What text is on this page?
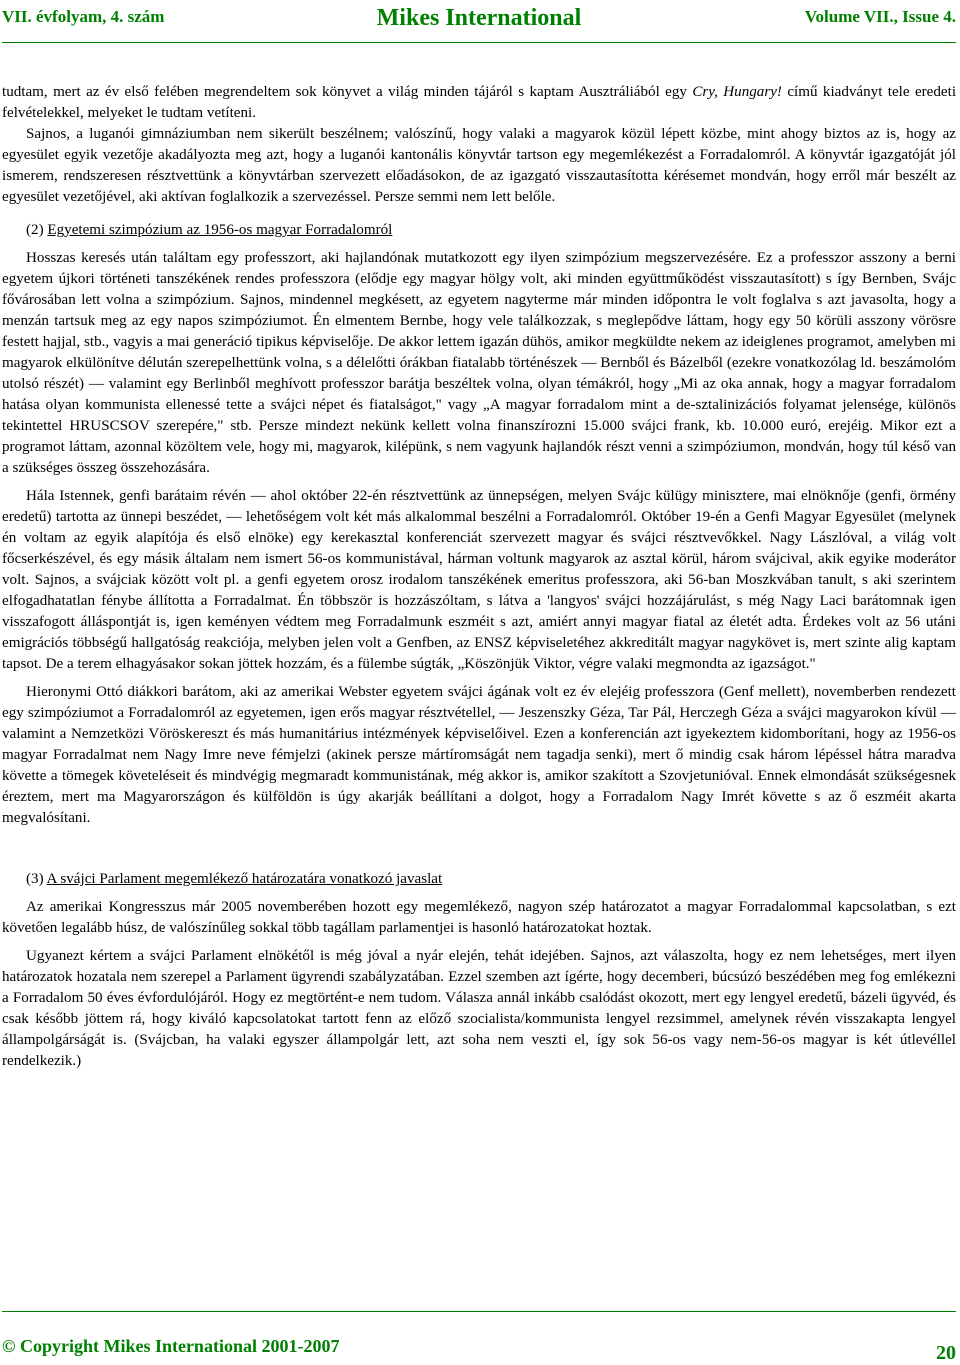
VII. évfolyam, 4. szám	Mikes International	Volume VII., Issue 4.

tudtam, mert az év első felében megrendeltem sok könyvet a világ minden tájáról s kaptam Ausztráliából egy Cry, Hungary! című kiadványt tele eredeti felvételekkel, melyeket le tudtam vetíteni.

Sajnos, a luganói gimnáziumban nem sikerült beszélnem; valószínű, hogy valaki a magyarok közül lépett közbe, mint ahogy biztos az is, hogy az egyesület egyik vezetője akadályozta meg azt, hogy a luganói kantonális könyvtár tartson egy megemlékezést a Forradalomról. A könyvtár igazgatóját jól ismerem, rendszeresen résztvettünk a könyvtárban szervezett előadásokon, de az igazgató visszautasította kérésemet mondván, hogy erről már beszélt az egyesület vezetőjével, aki aktívan foglalkozik a szervezéssel. Persze semmi nem lett belőle.

(2) Egyetemi szimpózium az 1956-os magyar Forradalomról

Hosszas keresés után találtam egy professzort, aki hajlandónak mutatkozott egy ilyen szimpózium megszervezésére. Ez a professzor asszony a berni egyetem újkori történeti tanszékének rendes professzora (elődje egy magyar hölgy volt, aki minden együttműködést visszautasított) s így Bernben, Svájc fővárosában lett volna a szimpózium. Sajnos, mindennel megkésett, az egyetem nagyterme már minden időpontra le volt foglalva s azt javasolta, hogy a menzán tartsuk meg az egy napos szimpóziumot. Én elmentem Bernbe, hogy vele találkozzak, s meglepődve láttam, hogy egy 50 körüli asszony vörösre festett hajjal, stb., vagyis a mai generáció tipikus képviselője. De akkor lettem igazán dühös, amikor megküldte nekem az ideiglenes programot, amelyben mi magyarok elkülönítve délután szerepelhettünk volna, s a délelőtti órákban fiatalabb történészek — Bernből és Bázelből (ezekre vonatkozólag ld. beszámolóm utolsó részét) — valamint egy Berlinből meghívott professzor barátja beszéltek volna, olyan témákról, hogy „Mi az oka annak, hogy a magyar forradalom hatása olyan kommunista ellenessé tette a svájci népet és fiatalságot," vagy „A magyar forradalom mint a de-sztalinizációs folyamat jelensége, különös tekintettel HRUSCSOV szerepére," stb. Persze mindezt nekünk kellett volna finanszírozni 15.000 svájci frank, kb. 10.000 euró, erejéig. Mikor ezt a programot láttam, azonnal közöltem vele, hogy mi, magyarok, kilépünk, s nem vagyunk hajlandók részt venni a szimpóziumon, mondván, hogy túl késő van a szükséges összeg összehozására.

Hála Istennek, genfi barátaim révén — ahol október 22-én résztvettünk az ünnepségen, melyen Svájc külügy minisztere, mai elnöknője (genfi, örmény eredetű) tartotta az ünnepi beszédet, — lehetőségem volt két más alkalommal beszélni a Forradalomról. Október 19-én a Genfi Magyar Egyesület (melynek én voltam az egyik alapítója és első elnöke) egy kerekasztal konferenciát szervezett magyar és svájci résztvevőkkel. Nagy Lászlóval, a világ volt főcserkészével, és egy másik általam nem ismert 56-os kommunistával, hárman voltunk magyarok az asztal körül, három svájcival, akik egyike moderátor volt. Sajnos, a svájciak között volt pl. a genfi egyetem orosz irodalom tanszékének emeritus professzora, aki 56-ban Moszkvában tanult, s aki szerintem elfogadhatatlan fénybe állította a Forradalmat. Én többször is hozzászóltam, s látva a 'langyos' svájci hozzájárulást, s még Nagy Laci barátomnak igen visszafogott álláspontját is, igen keményen védtem meg Forradalmunk eszméit s azt, amiért annyi magyar fiatal az életét adta. Érdekes volt az 56 utáni emigrációs többségű hallgatóság reakciója, melyben jelen volt a Genfben, az ENSZ képviseletéhez akkreditált magyar nagykövet is, mert szinte alig kaptam tapsot. De a terem elhagyásakor sokan jöttek hozzám, és a fülembe súgták, „Köszönjük Viktor, végre valaki megmondta az igazságot."

Hieronymi Ottó diákkori barátom, aki az amerikai Webster egyetem svájci ágának volt ez év elejéig professzora (Genf mellett), novemberben rendezett egy szimpóziumot a Forradalomról az egyetemen, igen erős magyar résztvétellel, — Jeszenszky Géza, Tar Pál, Herczegh Géza a svájci magyarokon kívül — valamint a Nemzetközi Vöröskereszt és más humanitárius intézmények képviselőivel. Ezen a konferencián azt igyekeztem kidomborítani, hogy az 1956-os magyar Forradalmat nem Nagy Imre neve fémjelzi (akinek persze mártíromságát nem tagadja senki), mert ő mindig csak három lépéssel hátra maradva követte a tömegek követeléseit és mindvégig megmaradt kommunistának, még akkor is, amikor szakított a Szovjetunióval. Ennek elmondását szükségesnek éreztem, mert ma Magyarországon és külföldön is úgy akarják beállítani a dolgot, hogy a Forradalom Nagy Imrét követte s az ő eszméit akarta megvalósítani.

(3) A svájci Parlament megemlékező határozatára vonatkozó javaslat

Az amerikai Kongresszus már 2005 novemberében hozott egy megemlékező, nagyon szép határozatot a magyar Forradalommal kapcsolatban, s ezt követően legalább húsz, de valószínűleg sokkal több tagállam parlamentjei is hasonló határozatokat hoztak.

Ugyanezt kértem a svájci Parlament elnökétől is még jóval a nyár elején, tehát idejében. Sajnos, azt válaszolta, hogy ez nem lehetséges, mert ilyen határozatok hozatala nem szerepel a Parlament ügyrendi szabályzatában. Ezzel szemben azt ígérte, hogy decemberi, búcsúzó beszédében meg fog emlékezni a Forradalom 50 éves évfordulójáról. Hogy ez megtörtént-e nem tudom. Válasza annál inkább csalódást okozott, mert egy lengyel eredetű, bázeli ügyvéd, és csak később jöttem rá, hogy kiváló kapcsolatokat tartott fenn az előző szocialista/kommunista lengyel rezsimmel, amelynek révén visszakapta lengyel állampolgárságát is. (Svájcban, ha valaki egyszer állampolgár lett, azt soha nem veszti el, így sok 56-os vagy nem-56-os magyar is két útlevéllel rendelkezik.)

© Copyright Mikes International 2001-2007	20
